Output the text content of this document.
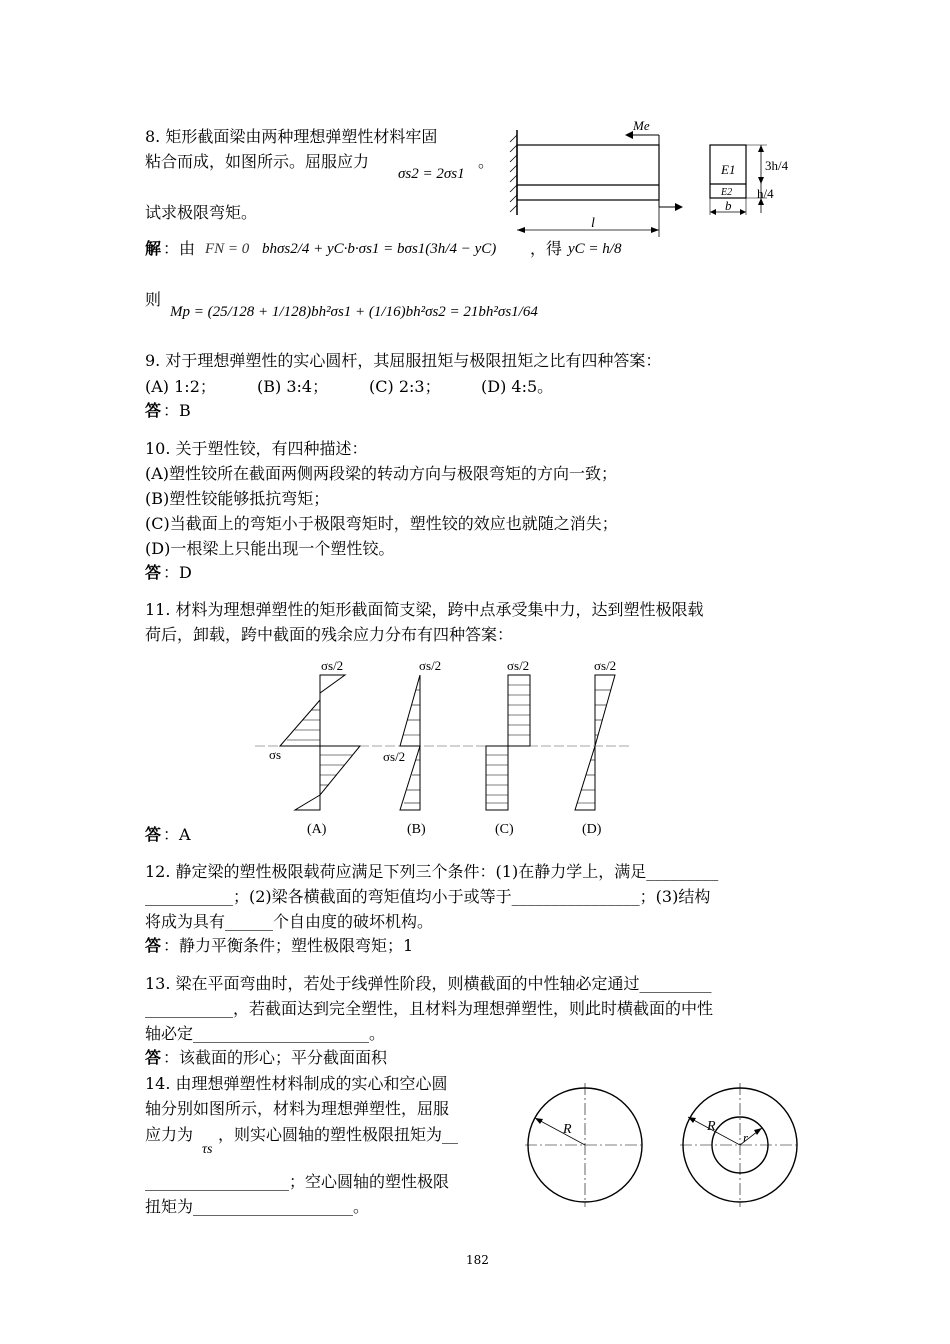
8. 矩形截面梁由两种理想弹塑性材料牢固
粘合而成，如图所示。屈服应力
σs2 = 2σs1
。
试求极限弯矩。
解 ：由 FN = 0 bhσs2/4 + yC·b·σs1 = bσs1(3h/4 − yC) ，得 yC = h/8
则
Mp = (25/128 + 1/128)bh²σs1 + (1/16)bh²σs2 = 21bh²σs1/64
Me
l
E1
E2
3h/4
h/4
b
9. 对于理想弹塑性的实心圆杆，其屈服扭矩与极限扭矩之比有四种答案：
(A) 1:2；	(B) 3:4；	(C) 2:3；	(D) 4:5。
答 ：B
10. 关于塑性铰，有四种描述：
(A)塑性铰所在截面两侧两段梁的转动方向与极限弯矩的方向一致；
(B)塑性铰能够抵抗弯矩；
(C)当截面上的弯矩小于极限弯矩时，塑性铰的效应也就随之消失；
(D)一根梁上只能出现一个塑性铰。
答 ：D
11. 材料为理想弹塑性的矩形截面简支梁，跨中点承受集中力，达到塑性极限载
荷后，卸载，跨中截面的残余应力分布有四种答案：
σs/2
σs
(A)
σs/2
σs/2
(B)
σs/2
(C)
σs/2
(D)
答 ：A
12. 静定梁的塑性极限载荷应满足下列三个条件：(1)在静力学上，满足_________
___________；(2)梁各横截面的弯矩值均小于或等于________________；(3)结构
将成为具有______个自由度的破坏机构。
答 ：静力平衡条件；塑性极限弯矩；1
13. 梁在平面弯曲时，若处于线弹性阶段，则横截面的中性轴必定通过_________
___________，若截面达到完全塑性，且材料为理想弹塑性，则此时横截面的中性
轴必定______________________。
答 ：该截面的形心；平分截面面积
14. 由理想弹塑性材料制成的实心和空心圆
轴分别如图所示，材料为理想弹塑性，屈服
应力为
τs
，则实心圆轴的塑性极限扭矩为__
__________________；空心圆轴的塑性极限
扭矩为____________________。
R	R
r
182
